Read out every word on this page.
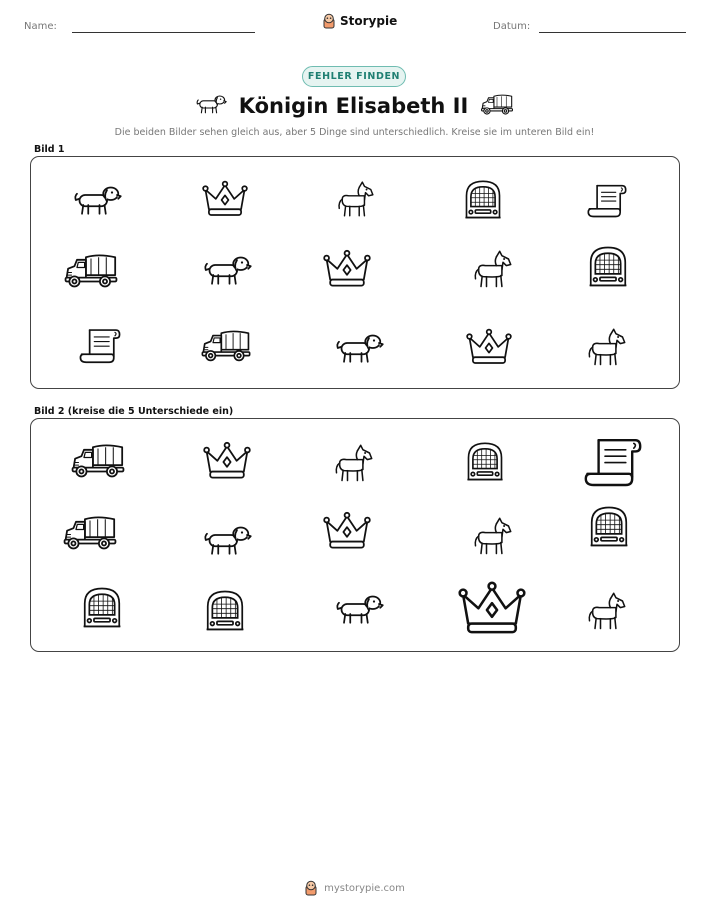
Name:	Storypie	Datum:
FEHLER FINDEN
Königin Elisabeth II
Die beiden Bilder sehen gleich aus, aber 5 Dinge sind unterschiedlich. Kreise sie im unteren Bild ein!
Bild 1
Bild 2 (kreise die 5 Unterschiede ein)
mystorypie.com
